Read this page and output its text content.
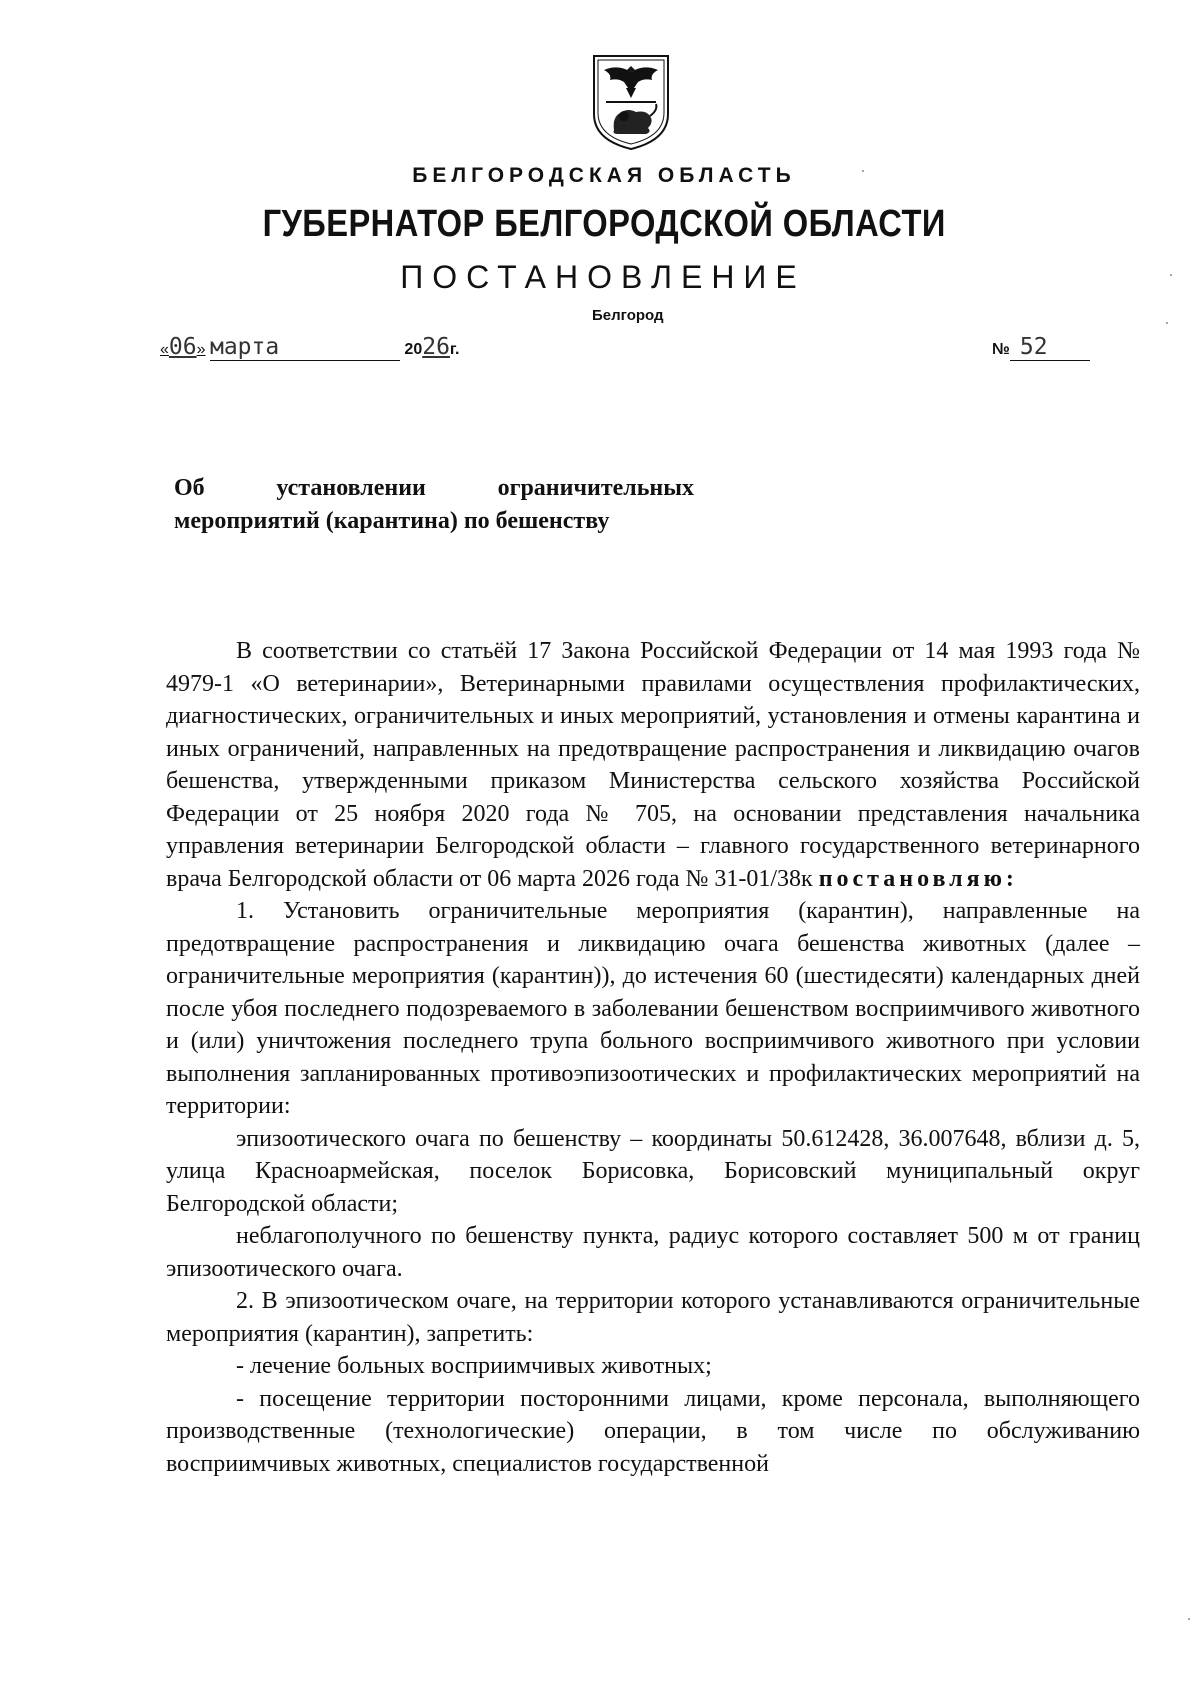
БЕЛГОРОДСКАЯ ОБЛАСТЬ
ГУБЕРНАТОР БЕЛГОРОДСКОЙ ОБЛАСТИ
ПОСТАНОВЛЕНИЕ
Белгород
«06» марта	2026г.	№ 52
Об	установлении	ограничительных
мероприятий (карантина) по бешенству

В соответствии со статьёй 17 Закона Российской Федерации от 14 мая 1993 года № 4979-1 «О ветеринарии», Ветеринарными правилами осуществления профилактических, диагностических, ограничительных и иных мероприятий, установления и отмены карантина и иных ограничений, направленных на предотвращение распространения и ликвидацию очагов бешенства, утвержденными приказом Министерства сельского хозяйства Российской Федерации от 25 ноября 2020 года № 705, на основании представления начальника управления ветеринарии Белгородской области – главного государственного ветеринарного врача Белгородской области от 06 марта 2026 года № 31-01/38к постановляю:

1. Установить ограничительные мероприятия (карантин), направленные на предотвращение распространения и ликвидацию очага бешенства животных (далее – ограничительные мероприятия (карантин)), до истечения 60 (шестидесяти) календарных дней после убоя последнего подозреваемого в заболевании бешенством восприимчивого животного и (или) уничтожения последнего трупа больного восприимчивого животного при условии выполнения запланированных противоэпизоотических и профилактических мероприятий на территории:

эпизоотического очага по бешенству – координаты 50.612428, 36.007648, вблизи д. 5, улица Красноармейская, поселок Борисовка, Борисовский муниципальный округ Белгородской области;

неблагополучного по бешенству пункта, радиус которого составляет 500 м от границ эпизоотического очага.

2. В эпизоотическом очаге, на территории которого устанавливаются ограничительные мероприятия (карантин), запретить:

- лечение больных восприимчивых животных;

- посещение территории посторонними лицами, кроме персонала, выполняющего производственные (технологические) операции, в том числе по обслуживанию восприимчивых животных, специалистов государственной
